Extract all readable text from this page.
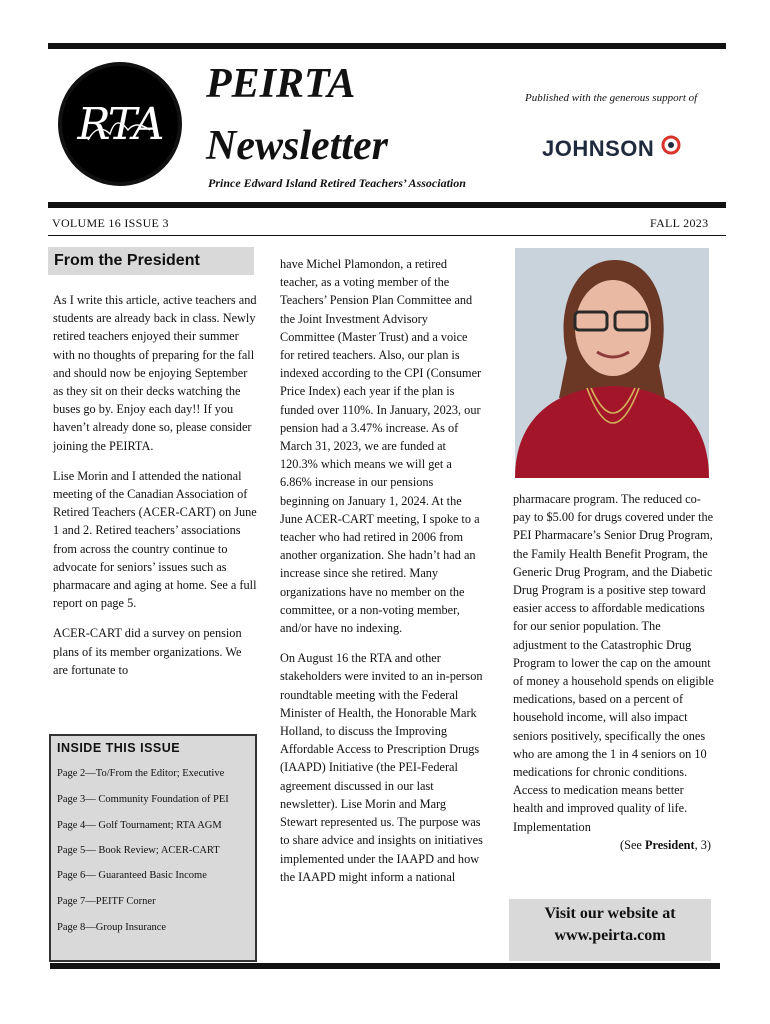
RTA
PEIRTA
Newsletter
Prince Edward Island Retired Teachers’ Association
Published with the generous support of
JOHNSON
VOLUME 16 ISSUE 3	FALL 2023
From the President

As I write this article, active teachers and students are already back in class. Newly retired teachers enjoyed their summer with no thoughts of preparing for the fall and should now be enjoying September as they sit on their decks watching the buses go by. Enjoy each day!! If you haven’t already done so, please consider joining the PEIRTA.

Lise Morin and I attended the national meeting of the Canadian Association of Retired Teachers (ACER-CART) on June 1 and 2. Retired teachers’ associations from across the country continue to advocate for seniors’ issues such as pharmacare and aging at home. See a full report on page 5.

ACER-CART did a survey on pension plans of its member organizations. We are fortunate to

INSIDE THIS ISSUE
Page 2—To/From the Editor; Executive
Page 3— Community Foundation of PEI
Page 4— Golf Tournament; RTA AGM
Page 5— Book Review; ACER-CART
Page 6— Guaranteed Basic Income
Page 7—PEITF Corner
Page 8—Group Insurance

have Michel Plamondon, a retired teacher, as a voting member of the Teachers’ Pension Plan Committee and the Joint Investment Advisory Committee (Master Trust) and a voice for retired teachers. Also, our plan is indexed according to the CPI (Consumer Price Index) each year if the plan is funded over 110%. In January, 2023, our pension had a 3.47% increase. As of March 31, 2023, we are funded at 120.3% which means we will get a 6.86% increase in our pensions beginning on January 1, 2024. At the June ACER-CART meeting, I spoke to a teacher who had retired in 2006 from another organization. She hadn’t had an increase since she retired. Many organizations have no member on the committee, or a non-voting member, and/or have no indexing.

On August 16 the RTA and other stakeholders were invited to an in-person roundtable meeting with the Federal Minister of Health, the Honorable Mark Holland, to discuss the Improving Affordable Access to Prescription Drugs (IAAPD) Initiative (the PEI-Federal agreement discussed in our last newsletter). Lise Morin and Marg Stewart represented us. The purpose was to share advice and insights on initiatives implemented under the IAAPD and how the IAAPD might inform a national

pharmacare program. The reduced co-pay to $5.00 for drugs covered under the PEI Pharmacare’s Senior Drug Program, the Family Health Benefit Program, the Generic Drug Program, and the Diabetic Drug Program is a positive step toward easier access to affordable medications for our senior population. The adjustment to the Catastrophic Drug Program to lower the cap on the amount of money a household spends on eligible medications, based on a percent of household income, will also impact seniors positively, specifically the ones who are among the 1 in 4 seniors on 10 medications for chronic conditions. Access to medication means better health and improved quality of life. Implementation

(See President, 3)
Visit our website at
www.peirta.com
